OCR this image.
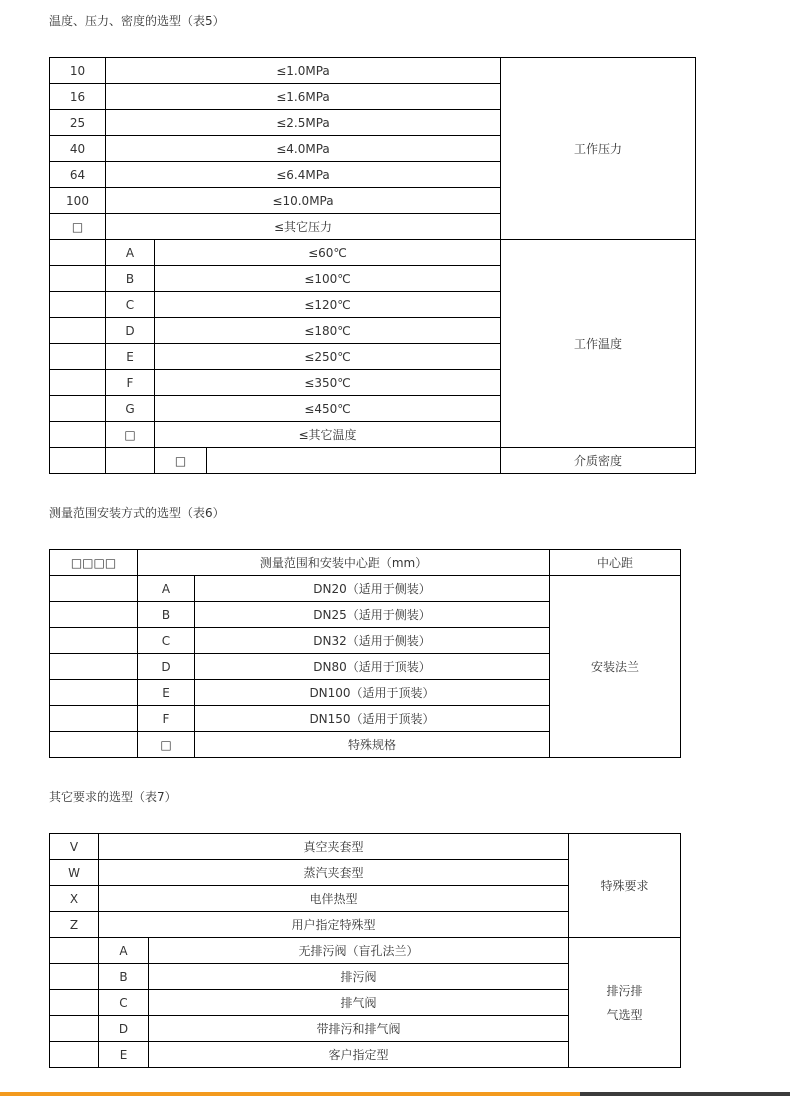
温度、压力、密度的选型（表5）
10	≤1.0MPa			工作压力
16	≤1.6MPa			
25	≤2.5MPa			
40	≤4.0MPa			
64	≤6.4MPa			
100	≤10.0MPa			
□	≤其它压力			
	A	≤60℃		工作温度
	B	≤100℃		
	C	≤120℃		
	D	≤180℃		
	E	≤250℃		
	F	≤350℃		
	G	≤450℃		
	□	≤其它温度		
		□		介质密度
测量范围安装方式的选型（表6）
□□□□	测量范围和安装中心距（mm）		中心距
	A	DN20（适用于侧装）	安装法兰
	B	DN25（适用于侧装）	
	C	DN32（适用于侧装）	
	D	DN80（适用于顶装）	
	E	DN100（适用于顶装）	
	F	DN150（适用于顶装）	
	□	特殊规格	
其它要求的选型（表7）
V	真空夹套型		特殊要求
W	蒸汽夹套型		
X	电伴热型		
Z	用户指定特殊型		
	A	无排污阀（盲孔法兰）	排污排
气选型
	B	排污阀	
	C	排气阀	
	D	带排污和排气阀	
	E	客户指定型	
